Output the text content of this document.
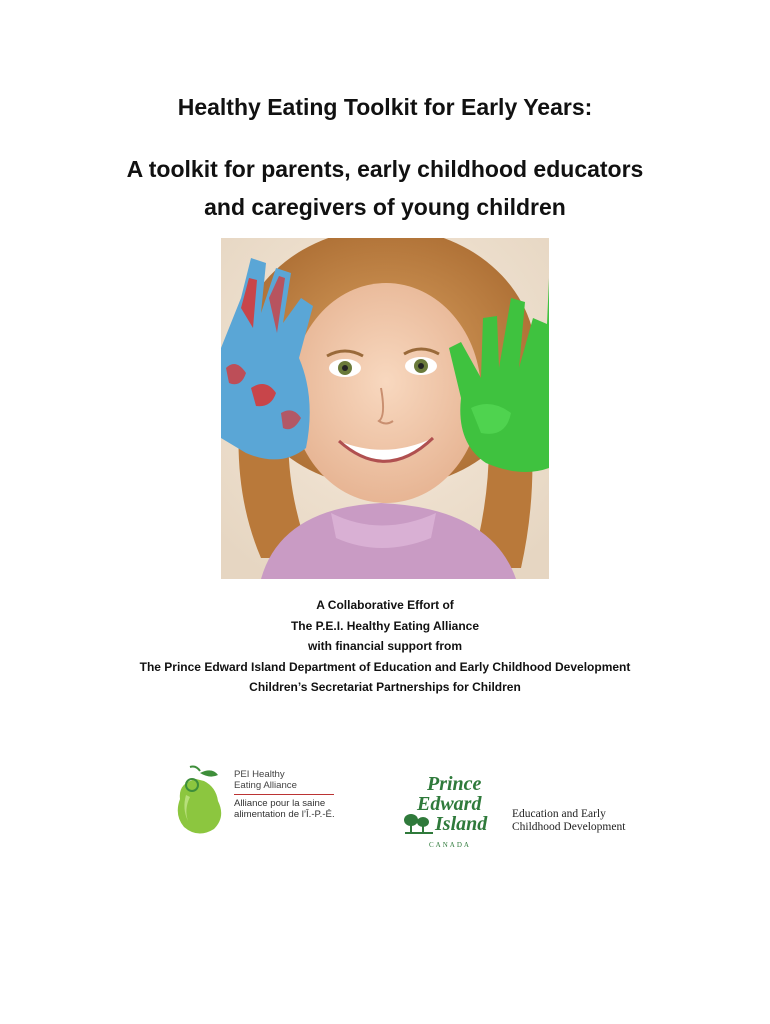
Healthy Eating Toolkit for Early Years:
A toolkit for parents, early childhood educators
and caregivers of young children
A Collaborative Effort of
The P.E.I. Healthy Eating Alliance
with financial support from
The Prince Edward Island Department of Education and Early Childhood Development
Children’s Secretariat Partnerships for Children
PEI Healthy
Eating Alliance
Alliance pour la saine
alimentation de l’Î.-P.-É.
Prince
Edward
Island
CANADA
Education and Early
Childhood Development
